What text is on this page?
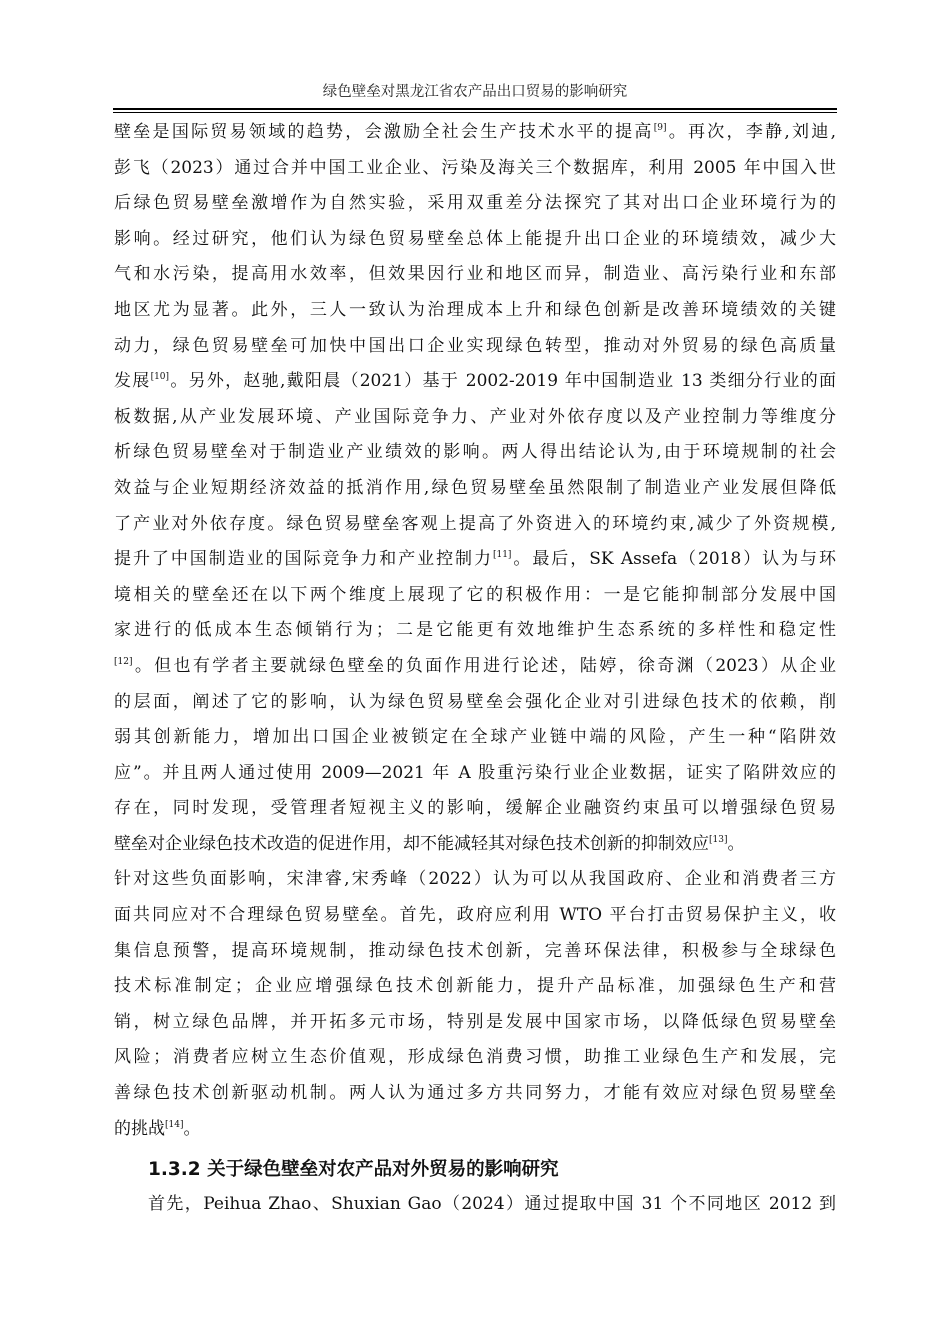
绿色壁垒对黑龙江省农产品出口贸易的影响研究
壁垒是国际贸易领域的趋势，会激励全社会生产技术水平的提高[9]。再次，李静,刘迪,
彭飞（2023）通过合并中国工业企业、污染及海关三个数据库，利用 2005 年中国入世
后绿色贸易壁垒激增作为自然实验，采用双重差分法探究了其对出口企业环境行为的
影响。经过研究，他们认为绿色贸易壁垒总体上能提升出口企业的环境绩效，减少大
气和水污染，提高用水效率，但效果因行业和地区而异，制造业、高污染行业和东部
地区尤为显著。此外，三人一致认为治理成本上升和绿色创新是改善环境绩效的关键
动力，绿色贸易壁垒可加快中国出口企业实现绿色转型，推动对外贸易的绿色高质量
发展[10]。另外，赵驰,戴阳晨（2021）基于 2002-2019 年中国制造业 13 类细分行业的面
板数据,从产业发展环境、产业国际竞争力、产业对外依存度以及产业控制力等维度分
析绿色贸易壁垒对于制造业产业绩效的影响。两人得出结论认为,由于环境规制的社会
效益与企业短期经济效益的抵消作用,绿色贸易壁垒虽然限制了制造业产业发展但降低
了产业对外依存度。绿色贸易壁垒客观上提高了外资进入的环境约束,减少了外资规模,
提升了中国制造业的国际竞争力和产业控制力[11]。最后，SK Assefa（2018）认为与环
境相关的壁垒还在以下两个维度上展现了它的积极作用：一是它能抑制部分发展中国
家进行的低成本生态倾销行为；二是它能更有效地维护生态系统的多样性和稳定性
[12]。但也有学者主要就绿色壁垒的负面作用进行论述，陆婷，徐奇渊（2023）从企业
的层面，阐述了它的影响，认为绿色贸易壁垒会强化企业对引进绿色技术的依赖，削
弱其创新能力，增加出口国企业被锁定在全球产业链中端的风险，产生一种“陷阱效
应”。并且两人通过使用 2009—2021 年 A 股重污染行业企业数据，证实了陷阱效应的
存在，同时发现，受管理者短视主义的影响，缓解企业融资约束虽可以增强绿色贸易
壁垒对企业绿色技术改造的促进作用，却不能减轻其对绿色技术创新的抑制效应[13]。
针对这些负面影响，宋津睿,宋秀峰（2022）认为可以从我国政府、企业和消费者三方
面共同应对不合理绿色贸易壁垒。首先，政府应利用 WTO 平台打击贸易保护主义，收
集信息预警，提高环境规制，推动绿色技术创新，完善环保法律，积极参与全球绿色
技术标准制定；企业应增强绿色技术创新能力，提升产品标准，加强绿色生产和营
销，树立绿色品牌，并开拓多元市场，特别是发展中国家市场，以降低绿色贸易壁垒
风险；消费者应树立生态价值观，形成绿色消费习惯，助推工业绿色生产和发展，完
善绿色技术创新驱动机制。两人认为通过多方共同努力，才能有效应对绿色贸易壁垒
的挑战[14]。
1.3.2 关于绿色壁垒对农产品对外贸易的影响研究
首先，Peihua Zhao、Shuxian Gao（2024）通过提取中国 31 个不同地区 2012 到
